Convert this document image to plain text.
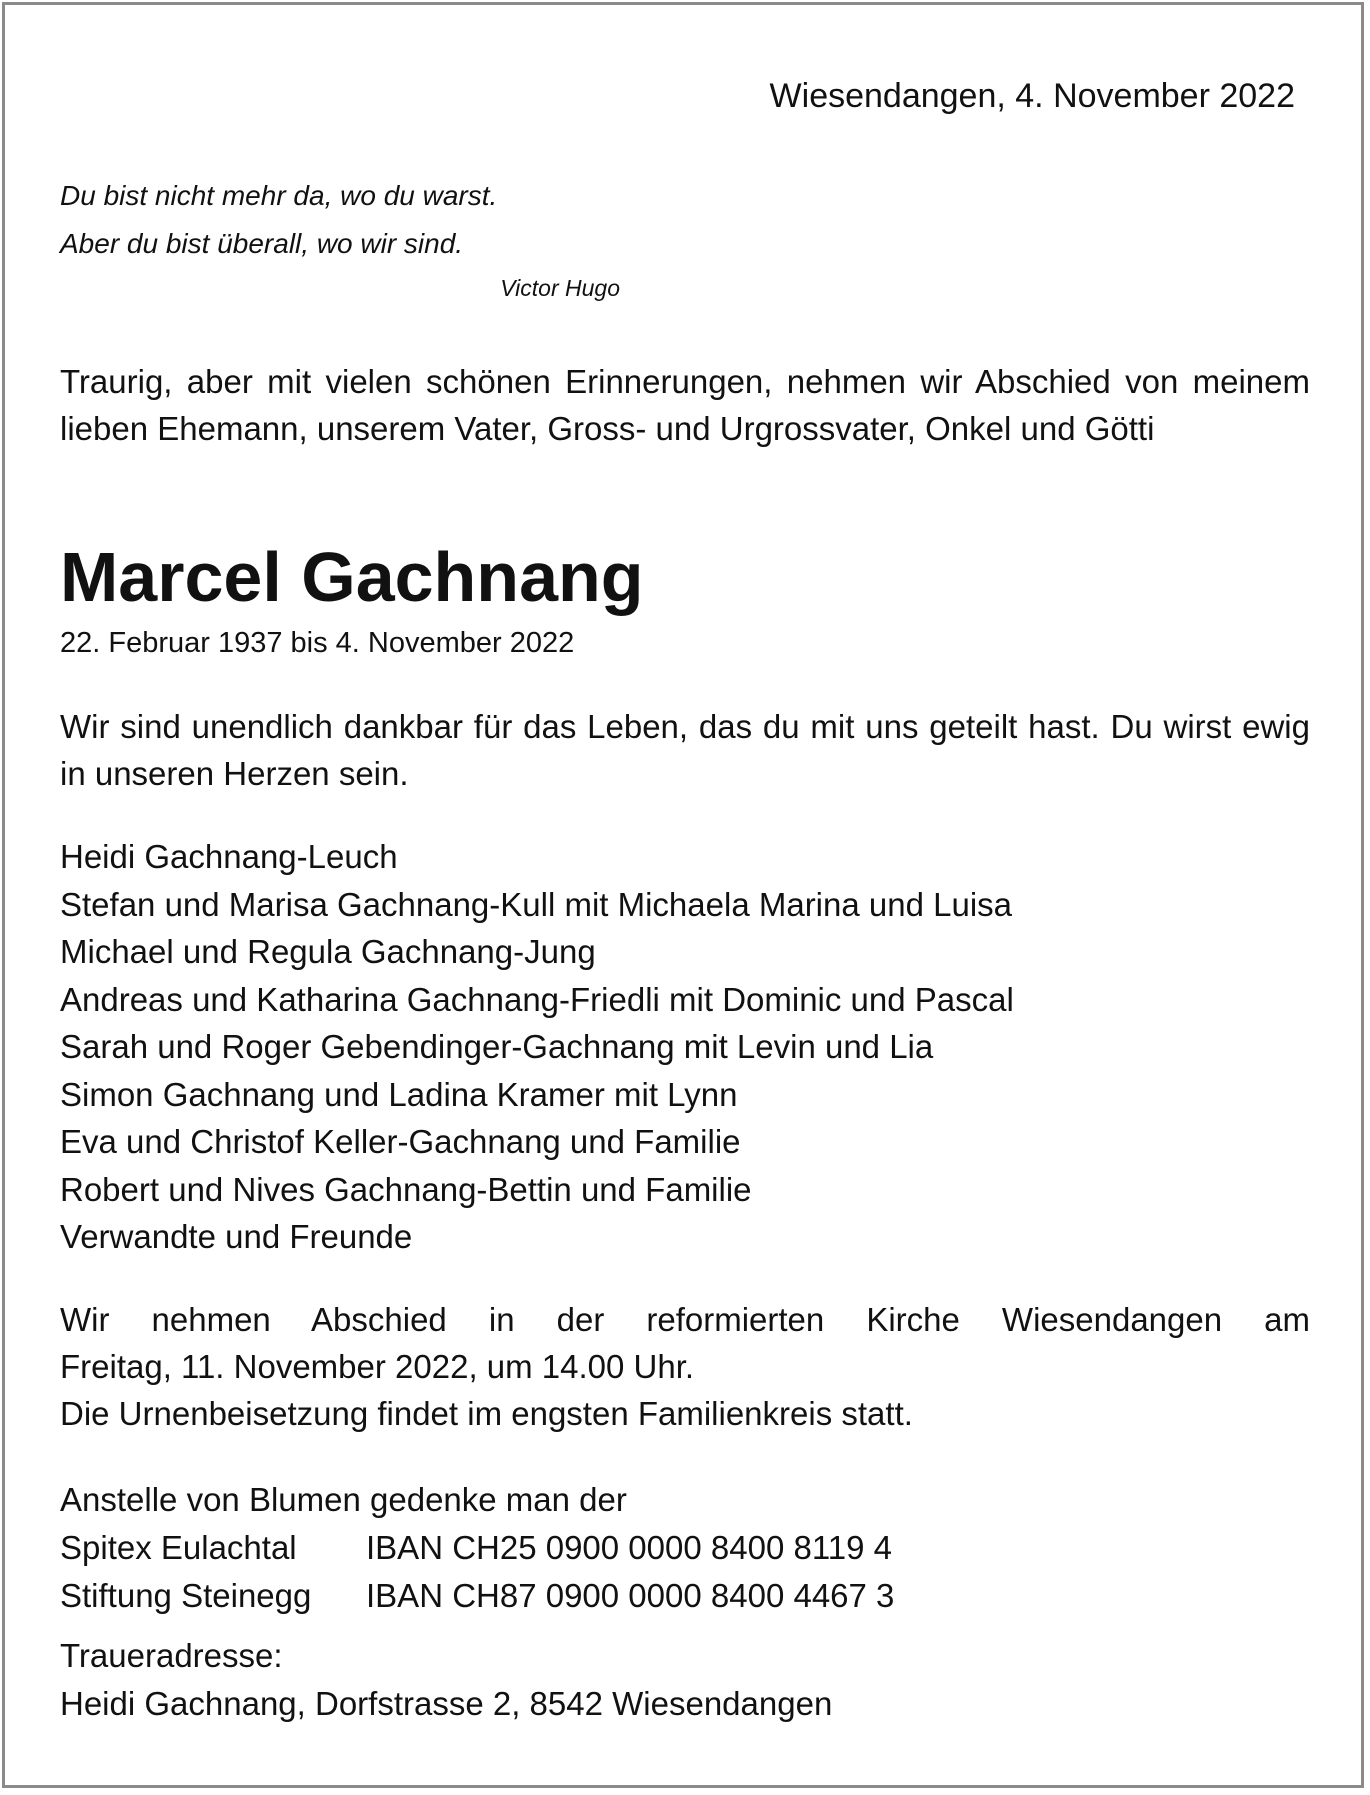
Wiesendangen, 4. November 2022
Du bist nicht mehr da, wo du warst.
Aber du bist überall, wo wir sind.
Victor Hugo
Traurig, aber mit vielen schönen Erinnerungen, nehmen wir Abschied von meinem lieben Ehemann, unserem Vater, Gross- und Urgrossvater, Onkel und Götti
Marcel Gachnang
22. Februar 1937 bis 4. November 2022
Wir sind unendlich dankbar für das Leben, das du mit uns geteilt hast. Du wirst ewig in unseren Herzen sein.
Heidi Gachnang-Leuch
Stefan und Marisa Gachnang-Kull mit Michaela Marina und Luisa
Michael und Regula Gachnang-Jung
Andreas und Katharina Gachnang-Friedli mit Dominic und Pascal
Sarah und Roger Gebendinger-Gachnang mit Levin und Lia
Simon Gachnang und Ladina Kramer mit Lynn
Eva und Christof Keller-Gachnang und Familie
Robert und Nives Gachnang-Bettin und Familie
Verwandte und Freunde
Wir nehmen Abschied in der reformierten Kirche Wiesendangen am
Freitag, 11. November 2022, um 14.00 Uhr.
Die Urnenbeisetzung findet im engsten Familienkreis statt.
Anstelle von Blumen gedenke man der
Spitex Eulachtal	IBAN CH25 0900 0000 8400 8119 4
Stiftung Steinegg	IBAN CH87 0900 0000 8400 4467 3
Traueradresse:
Heidi Gachnang, Dorfstrasse 2, 8542 Wiesendangen
